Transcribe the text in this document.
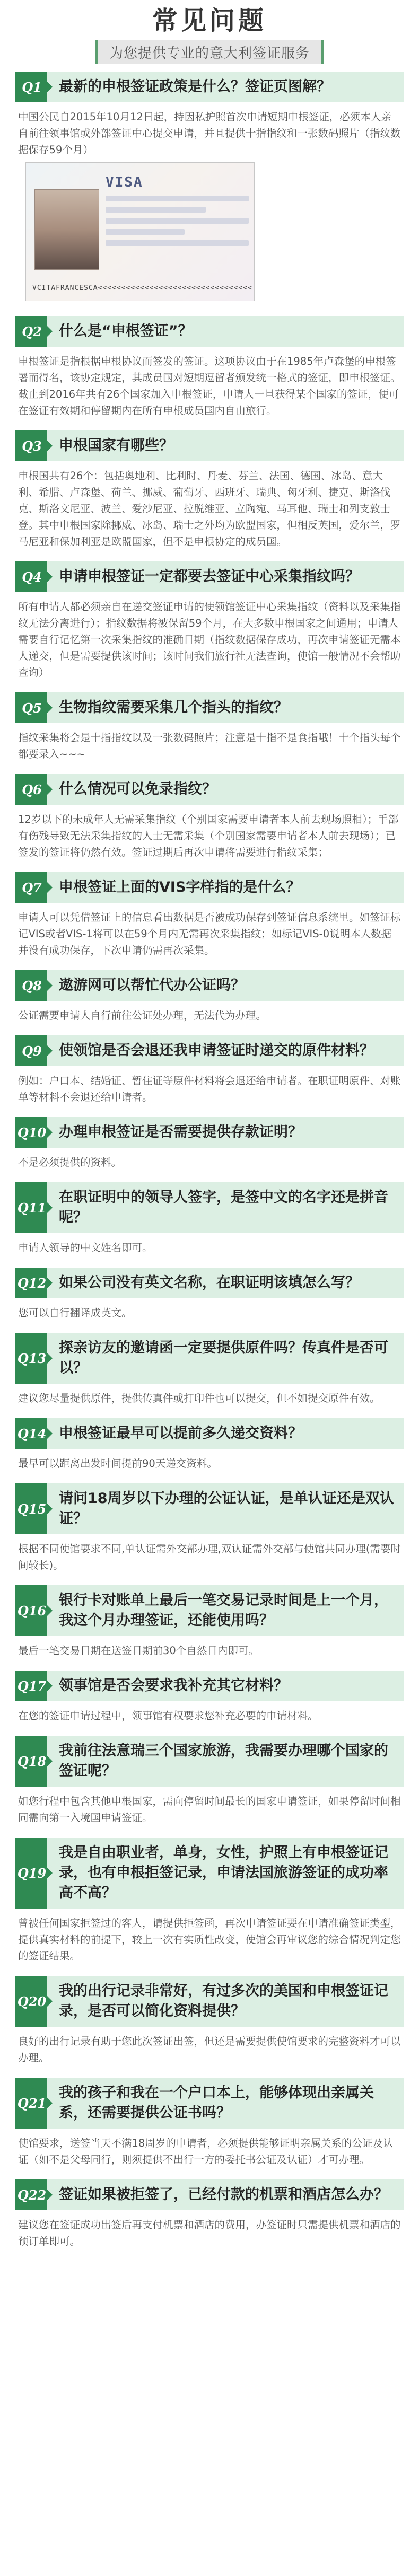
常见问题
为您提供专业的意大利签证服务
Q1	最新的申根签证政策是什么？签证页图解？

中国公民自2015年10月12日起，持因私护照首次申请短期申根签证，必须本人亲自前往领事馆或外部签证中心提交申请，并且提供十指指纹和一张数码照片（指纹数据保存59个月）

VISA
VCITAFRANCESCA<<<<<<<<<<<<<<<<<<<<<<<<<<<<<<<<<
Q2	什么是“申根签证”？

申根签证是指根据申根协议而签发的签证。这项协议由于在1985年卢森堡的申根签署而得名，该协定规定，其成员国对短期逗留者颁发统一格式的签证，即申根签证。截止到2016年共有26个国家加入申根签证，申请人一旦获得某个国家的签证，便可在签证有效期和停留期内在所有申根成员国内自由旅行。

Q3	申根国家有哪些？

申根国共有26个：包括奥地利、比利时、丹麦、芬兰、法国、德国、冰岛、意大利、希腊、卢森堡、荷兰、挪威、葡萄牙、西班牙、瑞典、匈牙利、捷克、斯洛伐克、斯洛文尼亚、波兰、爱沙尼亚、拉脱维亚、立陶宛、马耳他、瑞士和列支敦士登。其中申根国家除挪威、冰岛、瑞士之外均为欧盟国家，但相反英国，爱尔兰，罗马尼亚和保加利亚是欧盟国家，但不是申根协定的成员国。

Q4	申请申根签证一定都要去签证中心采集指纹吗？

所有申请人都必须亲自在递交签证申请的使领馆签证中心采集指纹（资料以及采集指纹无法分离进行）；指纹数据将被保留59个月，在大多数申根国家之间通用；申请人需要自行记忆第一次采集指纹的准确日期（指纹数据保存成功，再次申请签证无需本人递交，但是需要提供该时间；该时间我们旅行社无法查询，使馆一般情况不会帮助查询）

Q5	生物指纹需要采集几个指头的指纹？

指纹采集将会是十指指纹以及一张数码照片；注意是十指不是食指哦！十个指头每个都要录入~~~

Q6	什么情况可以免录指纹？

12岁以下的未成年人无需采集指纹（个别国家需要申请者本人前去现场照相）；手部有伤残导致无法采集指纹的人士无需采集（个别国家需要申请者本人前去现场）；已签发的签证将仍然有效。签证过期后再次申请将需要进行指纹采集；

Q7	申根签证上面的VIS字样指的是什么？

申请人可以凭借签证上的信息看出数据是否被成功保存到签证信息系统里。如签证标记VIS或者VIS-1将可以在59个月内无需再次采集指纹；如标记VIS-0说明本人数据并没有成功保存，下次申请仍需再次采集。

Q8	遨游网可以帮忙代办公证吗？

公证需要申请人自行前往公证处办理，无法代为办理。

Q9	使领馆是否会退还我申请签证时递交的原件材料？

例如：户口本、结婚证、暂住证等原件材料将会退还给申请者。在职证明原件、对账单等材料不会退还给申请者。

Q10 办理申根签证是否需要提供存款证明？

不是必须提供的资料。

Q11
在职证明中的领导人签字，是签中文的名字还是拼音呢？

申请人领导的中文姓名即可。

Q12 如果公司没有英文名称，在职证明该填怎么写？

您可以自行翻译成英文。

Q13
探亲访友的邀请函一定要提供原件吗？传真件是否可以？

建议您尽量提供原件，提供传真件或打印件也可以提交，但不如提交原件有效。

Q14 申根签证最早可以提前多久递交资料？

最早可以距离出发时间提前90天递交资料。

Q15
请问18周岁以下办理的公证认证，是单认证还是双认证？

根据不同使馆要求不同,单认证需外交部办理,双认证需外交部与使馆共同办理(需要时间较长)。

Q16
银行卡对账单上最后一笔交易记录时间是上一个月，我这个月办理签证，还能使用吗？

最后一笔交易日期在送签日期前30个自然日内即可。

Q17 领事馆是否会要求我补充其它材料？

在您的签证申请过程中，领事馆有权要求您补充必要的申请材料。

Q18
我前往法意瑞三个国家旅游，我需要办理哪个国家的签证呢？

如您行程中包含其他申根国家，需向停留时间最长的国家申请签证，如果停留时间相同需向第一入境国申请签证。

Q19
我是自由职业者，单身，女性，护照上有申根签证记录，也有申根拒签记录，申请法国旅游签证的成功率高不高？

曾被任何国家拒签过的客人，请提供拒签函，再次申请签证要在申请准确签证类型，提供真实材料的前提下，较上一次有实质性改变，使馆会再审议您的综合情况判定您的签证结果。

Q20
我的出行记录非常好，有过多次的美国和申根签证记录，是否可以简化资料提供？

良好的出行记录有助于您此次签证出签，但还是需要提供使馆要求的完整资料才可以办理。

Q21
我的孩子和我在一个户口本上，能够体现出亲属关系，还需要提供公证书吗？

使馆要求，送签当天不满18周岁的申请者，必须提供能够证明亲属关系的公证及认证（如不是父母同行，则须提供不出行一方的委托书公证及认证）才可办理。

Q22 签证如果被拒签了，已经付款的机票和酒店怎么办？

建议您在签证成功出签后再支付机票和酒店的费用，办签证时只需提供机票和酒店的预订单即可。
